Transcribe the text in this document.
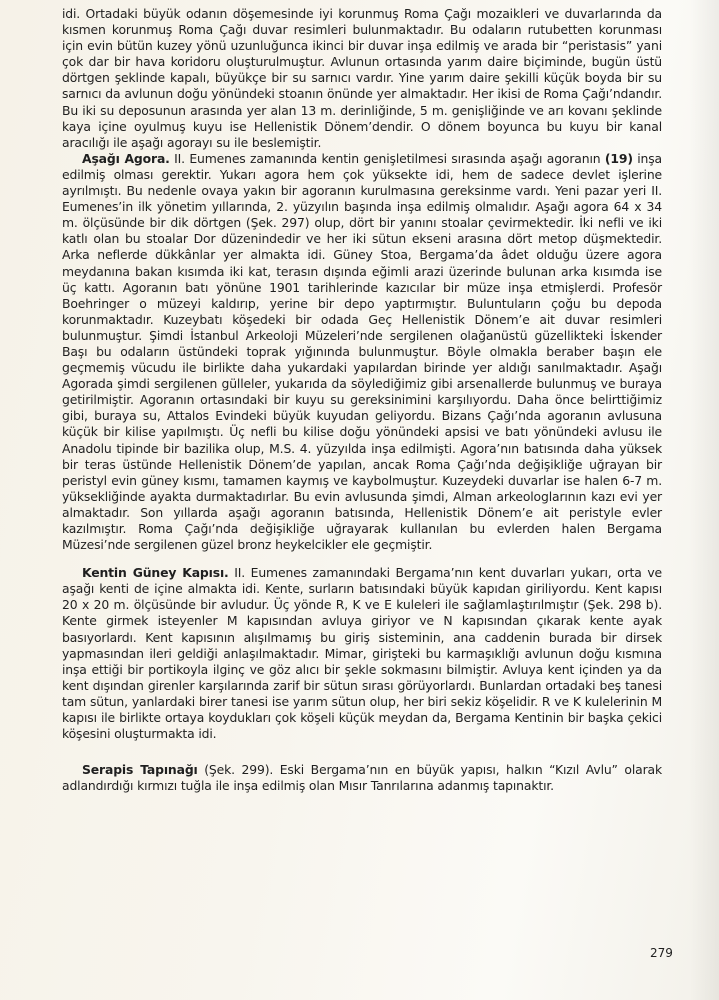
idi. Ortadaki büyük odanın döşemesinde iyi korunmuş Roma Çağı mozaikleri ve duvarlarında da kısmen korunmuş Roma Çağı duvar resimleri bulunmaktadır. Bu odaların rutubetten korunması için evin bütün kuzey yönü uzunluğunca ikinci bir duvar inşa edilmiş ve arada bir “peristasis” yani çok dar bir hava koridoru oluşturulmuştur. Avlunun ortasında yarım daire biçiminde, bugün üstü dörtgen şeklinde kapalı, büyükçe bir su sarnıcı vardır. Yine yarım daire şekilli küçük boyda bir su sarnıcı da avlunun doğu yönündeki stoanın önünde yer almaktadır. Her ikisi de Roma Çağı’ndandır. Bu iki su deposunun arasında yer alan 13 m. derinliğinde, 5 m. genişliğinde ve arı kovanı şeklinde kaya içine oyulmuş kuyu ise Hellenistik Dönem’dendir. O dönem boyunca bu kuyu bir kanal aracılığı ile aşağı agorayı su ile beslemiştir.

Aşağı Agora. II. Eumenes zamanında kentin genişletilmesi sırasında aşağı agoranın (19) inşa edilmiş olması gerektir. Yukarı agora hem çok yüksekte idi, hem de sadece devlet işlerine ayrılmıştı. Bu nedenle ovaya yakın bir agoranın kurulmasına gereksinme vardı. Yeni pazar yeri II. Eumenes’in ilk yönetim yıllarında, 2. yüzyılın başında inşa edilmiş olmalıdır. Aşağı agora 64 x 34 m. ölçüsünde bir dik dörtgen (Şek. 297) olup, dört bir yanını stoalar çevirmektedir. İki nefli ve iki katlı olan bu stoalar Dor düzenindedir ve her iki sütun ekseni arasına dört metop düşmektedir. Arka neflerde dükkânlar yer almakta idi. Güney Stoa, Bergama’da âdet olduğu üzere agora meydanına bakan kısımda iki kat, terasın dışında eğimli arazi üzerinde bulunan arka kısımda ise üç kattı. Agoranın batı yönüne 1901 tarihlerinde kazıcılar bir müze inşa etmişlerdi. Profesör Boehringer o müzeyi kaldırıp, yerine bir depo yaptırmıştır. Buluntuların çoğu bu depoda korunmaktadır. Kuzeybatı köşedeki bir odada Geç Hellenistik Dönem’e ait duvar resimleri bulunmuştur. Şimdi İstanbul Arkeoloji Müzeleri’nde sergilenen olağanüstü güzellikteki İskender Başı bu odaların üstündeki toprak yığınında bulunmuştur. Böyle olmakla beraber başın ele geçmemiş vücudu ile birlikte daha yukardaki yapılardan birinde yer aldığı sanılmaktadır. Aşağı Agorada şimdi sergilenen gülleler, yukarıda da söylediğimiz gibi arsenallerde bulunmuş ve buraya getirilmiştir. Agoranın ortasındaki bir kuyu su gereksinimini karşılıyordu. Daha önce belirttiğimiz gibi, buraya su, Attalos Evindeki büyük kuyudan geliyordu. Bizans Çağı’nda agoranın avlusuna küçük bir kilise yapılmıştı. Üç nefli bu kilise doğu yönündeki apsisi ve batı yönündeki avlusu ile Anadolu tipinde bir bazilika olup, M.S. 4. yüzyılda inşa edilmişti. Agora’nın batısında daha yüksek bir teras üstünde Hellenistik Dönem’de yapılan, ancak Roma Çağı’nda değişikliğe uğrayan bir peristyl evin güney kısmı, tamamen kaymış ve kaybolmuştur. Kuzeydeki duvarlar ise halen 6-7 m. yüksekliğinde ayakta durmaktadırlar. Bu evin avlusunda şimdi, Alman arkeologlarının kazı evi yer almaktadır. Son yıllarda aşağı agoranın batısında, Hellenistik Dönem’e ait peristyle evler kazılmıştır. Roma Çağı’nda değişikliğe uğrayarak kullanılan bu evlerden halen Bergama Müzesi’nde sergilenen güzel bronz heykelcikler ele geçmiştir.

Kentin Güney Kapısı. II. Eumenes zamanındaki Bergama’nın kent duvarları yukarı, orta ve aşağı kenti de içine almakta idi. Kente, surların batısındaki büyük kapıdan giriliyordu. Kent kapısı 20 x 20 m. ölçüsünde bir avludur. Üç yönde R, K ve E kuleleri ile sağlamlaştırılmıştır (Şek. 298 b). Kente girmek isteyenler M kapısından avluya giriyor ve N kapısından çıkarak kente ayak basıyorlardı. Kent kapısının alışılmamış bu giriş sisteminin, ana caddenin burada bir dirsek yapmasından ileri geldiği anlaşılmaktadır. Mimar, girişteki bu karmaşıklığı avlunun doğu kısmına inşa ettiği bir portikoyla ilginç ve göz alıcı bir şekle sokmasını bilmiştir. Avluya kent içinden ya da kent dışından girenler karşılarında zarif bir sütun sırası görüyorlardı. Bunlardan ortadaki beş tanesi tam sütun, yanlardaki birer tanesi ise yarım sütun olup, her biri sekiz köşelidir. R ve K kulelerinin M kapısı ile birlikte ortaya koydukları çok köşeli küçük meydan da, Bergama Kentinin bir başka çekici köşesini oluşturmakta idi.

Serapis Tapınağı (Şek. 299). Eski Bergama’nın en büyük yapısı, halkın “Kızıl Avlu” olarak adlandırdığı kırmızı tuğla ile inşa edilmiş olan Mısır Tanrılarına adanmış tapınaktır.

279
